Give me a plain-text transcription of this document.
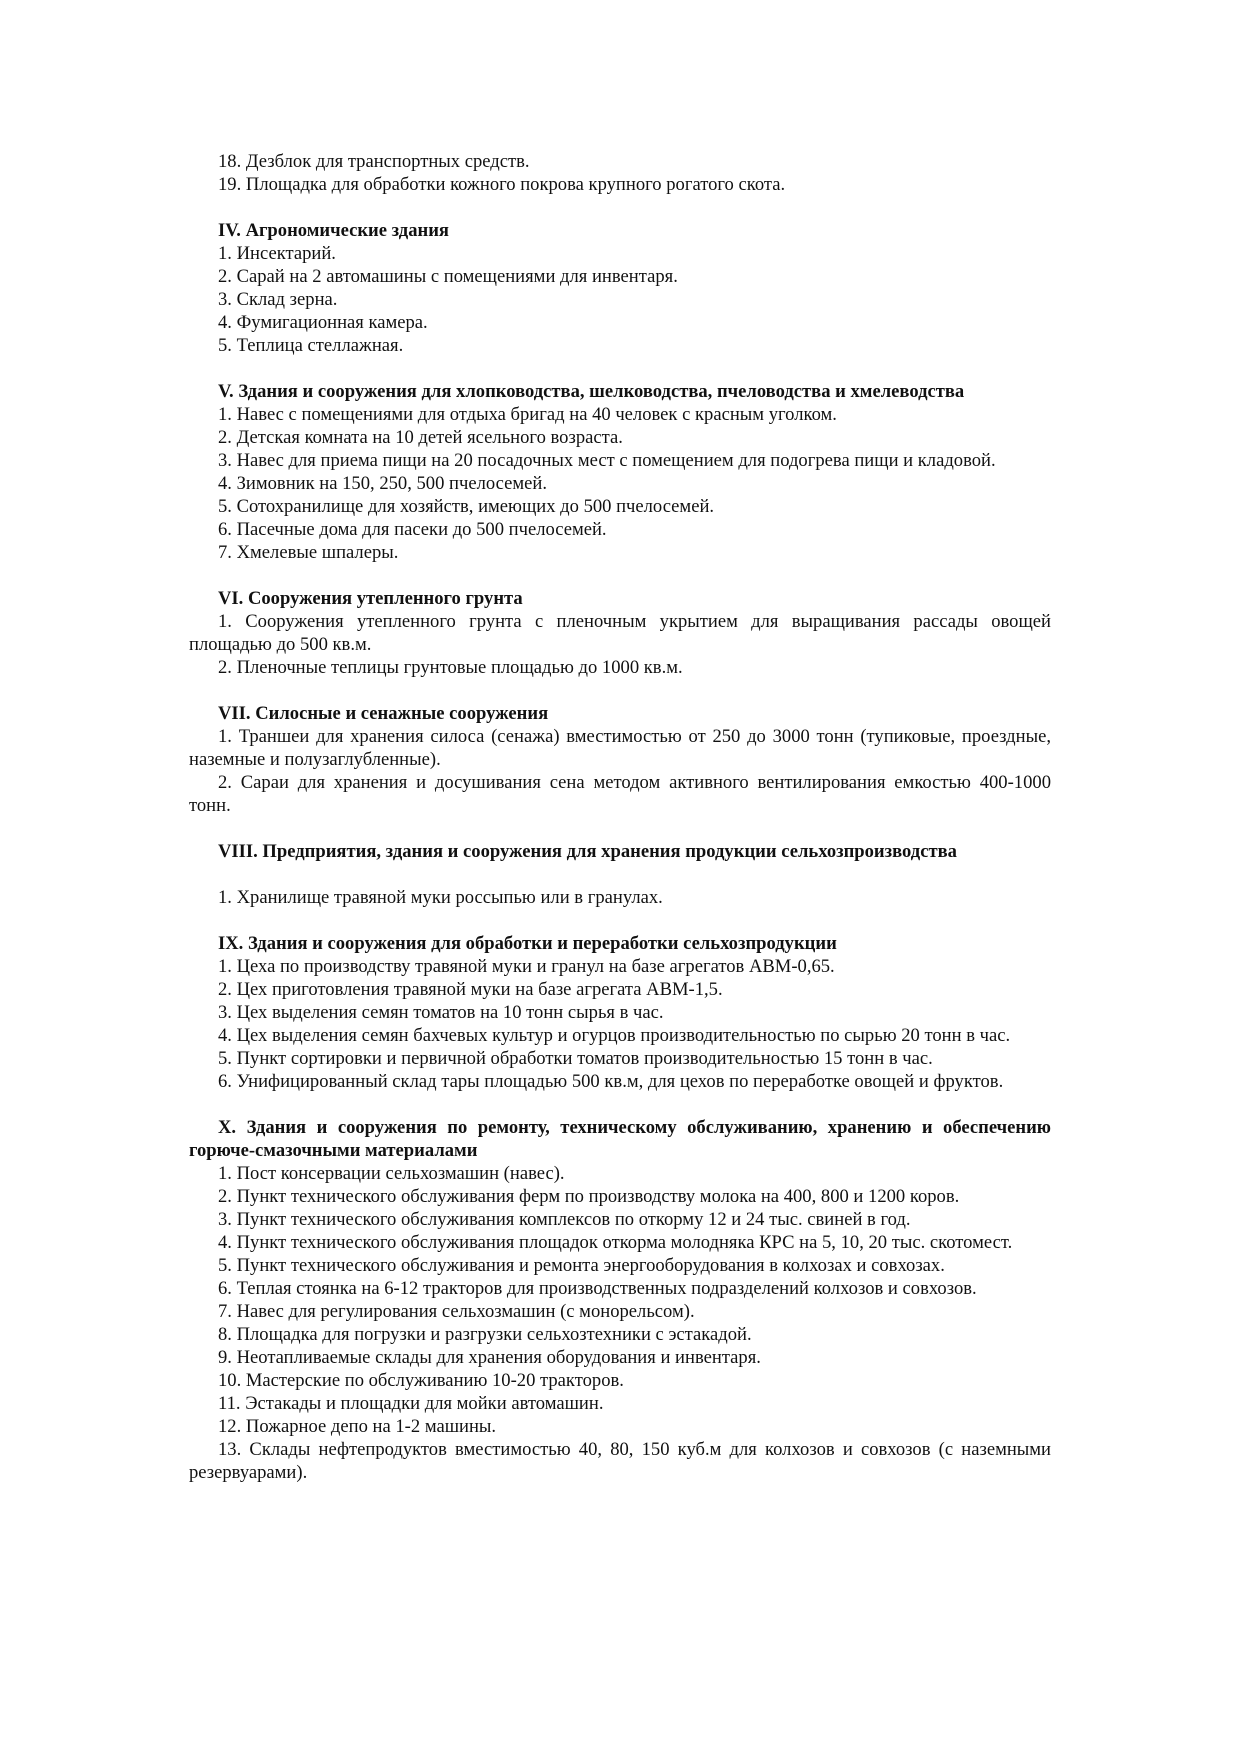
18. Дезблок для транспортных средств.

19. Площадка для обработки кожного покрова крупного рогатого скота.

IV. Агрономические здания

1. Инсектарий.

2. Сарай на 2 автомашины с помещениями для инвентаря.

3. Склад зерна.

4. Фумигационная камера.

5. Теплица стеллажная.

V. Здания и сооружения для хлопководства, шелководства, пчеловодства и хмелеводства

1. Навес с помещениями для отдыха бригад на 40 человек с красным уголком.

2. Детская комната на 10 детей ясельного возраста.

3. Навес для приема пищи на 20 посадочных мест с помещением для подогрева пищи и кладовой.

4. Зимовник на 150, 250, 500 пчелосемей.

5. Сотохранилище для хозяйств, имеющих до 500 пчелосемей.

6. Пасечные дома для пасеки до 500 пчелосемей.

7. Хмелевые шпалеры.

VI. Сооружения утепленного грунта

1. Сооружения утепленного грунта с пленочным укрытием для выращивания рассады овощей площадью до 500 кв.м.

2. Пленочные теплицы грунтовые площадью до 1000 кв.м.

VII. Силосные и сенажные сооружения

1. Траншеи для хранения силоса (сенажа) вместимостью от 250 до 3000 тонн (тупиковые, проездные, наземные и полузаглубленные).

2. Сараи для хранения и досушивания сена методом активного вентилирования емкостью 400-1000 тонн.

VIII. Предприятия, здания и сооружения для хранения продукции сельхозпроизводства

1. Хранилище травяной муки россыпью или в гранулах.

IX. Здания и сооружения для обработки и переработки сельхозпродукции

1. Цеха по производству травяной муки и гранул на базе агрегатов АВМ-0,65.

2. Цех приготовления травяной муки на базе агрегата АВМ-1,5.

3. Цех выделения семян томатов на 10 тонн сырья в час.

4. Цех выделения семян бахчевых культур и огурцов производительностью по сырью 20 тонн в час.

5. Пункт сортировки и первичной обработки томатов производительностью 15 тонн в час.

6. Унифицированный склад тары площадью 500 кв.м, для цехов по переработке овощей и фруктов.

X. Здания и сооружения по ремонту, техническому обслуживанию, хранению и обеспечению горюче-смазочными материалами

1. Пост консервации сельхозмашин (навес).

2. Пункт технического обслуживания ферм по производству молока на 400, 800 и 1200 коров.

3. Пункт технического обслуживания комплексов по откорму 12 и 24 тыс. свиней в год.

4. Пункт технического обслуживания площадок откорма молодняка КРС на 5, 10, 20 тыс. скотомест.

5. Пункт технического обслуживания и ремонта энергооборудования в колхозах и совхозах.

6. Теплая стоянка на 6-12 тракторов для производственных подразделений колхозов и совхозов.

7. Навес для регулирования сельхозмашин (с монорельсом).

8. Площадка для погрузки и разгрузки сельхозтехники с эстакадой.

9. Неотапливаемые склады для хранения оборудования и инвентаря.

10. Мастерские по обслуживанию 10-20 тракторов.

11. Эстакады и площадки для мойки автомашин.

12. Пожарное депо на 1-2 машины.

13. Склады нефтепродуктов вместимостью 40, 80, 150 куб.м для колхозов и совхозов (с наземными резервуарами).
